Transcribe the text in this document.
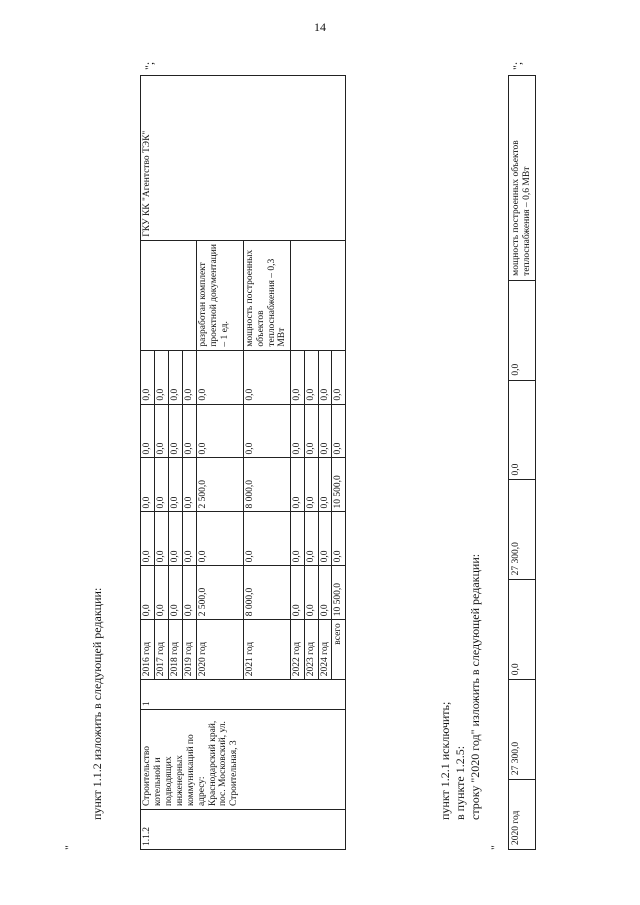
14
"
пункт 1.1.2 изложить в следующей редакции:
1.1.2	Строительство котельной и подводящих инженерных коммуникаций по адресу: Краснодарский край, пос. Московский, ул. Строительная, 3	1	2016 год	0,0	0,0	0,0	0,0	0,0		ГКУ КК "Агентство ТЭК"
			2017 год	0,0	0,0	0,0	0,0	0,0		
			2018 год	0,0	0,0	0,0	0,0	0,0		
			2019 год	0,0	0,0	0,0	0,0	0,0		
			2020 год	2 500,0	0,0	2 500,0	0,0	0,0	разработан комплект проектной документации – 1 ед.	
			2021 год	8 000,0	0,0	8 000,0	0,0	0,0	мощность построенных объектов теплоснабжения – 0,3 МВт	
			2022 год	0,0	0,0	0,0	0,0	0,0		
			2023 год	0,0	0,0	0,0	0,0	0,0		
			2024 год	0,0	0,0	0,0	0,0	0,0		
			всего	10 500,0	0,0	10 500,0	0,0	0,0		
";
пункт 1.2.1 исключить; в пункте 1.2.5: строку "2020 год" изложить в следующей редакции:
"
2020 год	27 300,0	0,0	27 300,0	0,0	0,0	мощность построенных объектов теплоснабжения – 0,6 МВт
";
